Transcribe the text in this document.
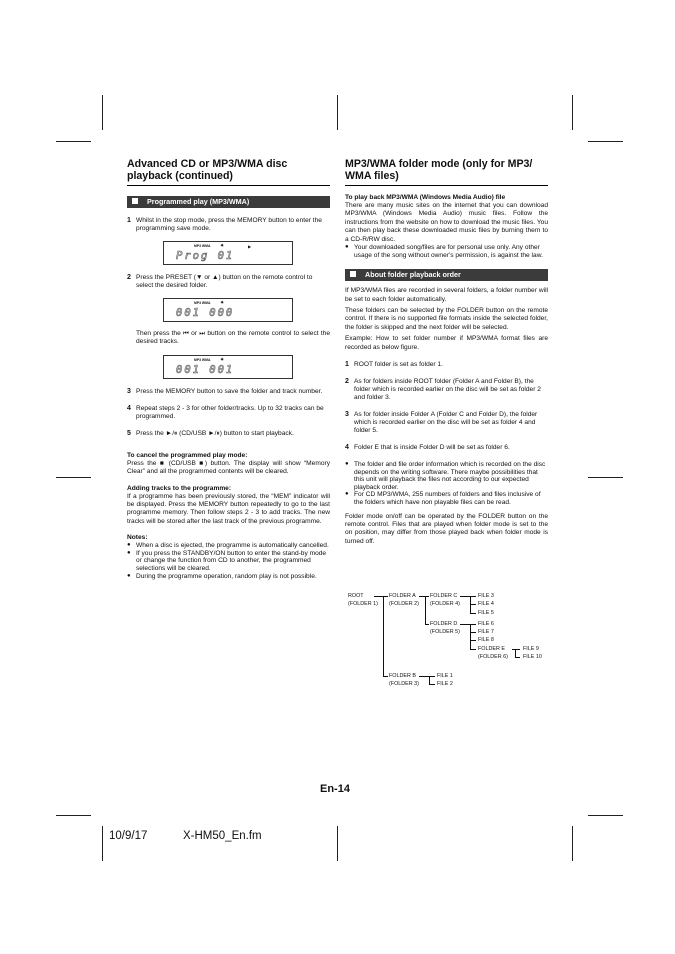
Advanced CD or MP3/WMA disc playback (continued)
Programmed play (MP3/WMA)
1 Whilst in the stop mode, press the MEMORY button to enter the programming save mode.
MP3 WMA ✷	▶
Prog 01
2 Press the PRESET (▼ or ▲) button on the remote control to select the desired folder.
MP3 WMA ✷
001 000
Then press the ⏮ or ⏭ button on the remote control to select the desired tracks.
MP3 WMA ✷
001 001
3 Press the MEMORY button to save the folder and track number.
4 Repeat steps 2 - 3 for other folder/tracks. Up to 32 tracks can be programmed.
5 Press the ►/⏸ (CD/USB ►/⏸) button to start playback.
To cancel the programmed play mode:
Press the ■ (CD/USB ■) button. The display will show “Memory Clear” and all the programmed contents will be cleared.
Adding tracks to the programme:
If a programme has been previously stored, the “MEM” indicator will be displayed. Press the MEMORY button repeatedly to go to the last programme memory. Then follow steps 2 - 3 to add tracks. The new tracks will be stored after the last track of the previous programme.
Notes:
● When a disc is ejected, the programme is automatically cancelled.
● If you press the STANDBY/ON button to enter the stand-by mode or change the function from CD to another, the programmed selections will be cleared.
● During the programme operation, random play is not possible.
MP3/WMA folder mode (only for MP3/ WMA files)
To play back MP3/WMA (Windows Media Audio) file
There are many music sites on the internet that you can download MP3/WMA (Windows Media Audio) music files. Follow the instructions from the website on how to download the music files. You can then play back these downloaded music files by burning them to a CD-R/RW disc.
● Your downloaded song/files are for personal use only. Any other usage of the song without owner's permission, is against the law.
About folder playback order
If MP3/WMA files are recorded in several folders, a folder number will be set to each folder automatically.
These folders can be selected by the FOLDER button on the remote control. If there is no supported file formats inside the selected folder, the folder is skipped and the next folder will be selected.
Example: How to set folder number if MP3/WMA format files are recorded as below figure.
1 ROOT folder is set as folder 1.
2 As for folders inside ROOT folder (Folder A and Folder B), the folder which is recorded earlier on the disc will be set as folder 2 and folder 3.
3 As for folder inside Folder A (Folder C and Folder D), the folder which is recorded earlier on the disc will be set as folder 4 and folder 5.
4 Folder E that is inside Folder D will be set as folder 6.
● The folder and file order information which is recorded on the disc depends on the writing software. There maybe possibilities that this unit will playback the files not according to our expected playback order.
● For CD MP3/WMA, 255 numbers of folders and files inclusive of the folders which have non playable files can be read.
Folder mode on/off can be operated by the FOLDER button on the remote control. Files that are played when folder mode is set to the on position, may differ from those played back when folder mode is turned off.
ROOT
(FOLDER 1)
FOLDER A
(FOLDER 2)
FOLDER C
(FOLDER 4)
FILE 3
FILE 4
FILE 5
FOLDER D
(FOLDER 5)
FILE 6
FILE 7
FILE 8
FOLDER E
(FOLDER 6)
FILE 9
FILE 10
FOLDER B
(FOLDER 3)
FILE 1
FILE 2
En-14
10/9/17	X-HM50_En.fm
